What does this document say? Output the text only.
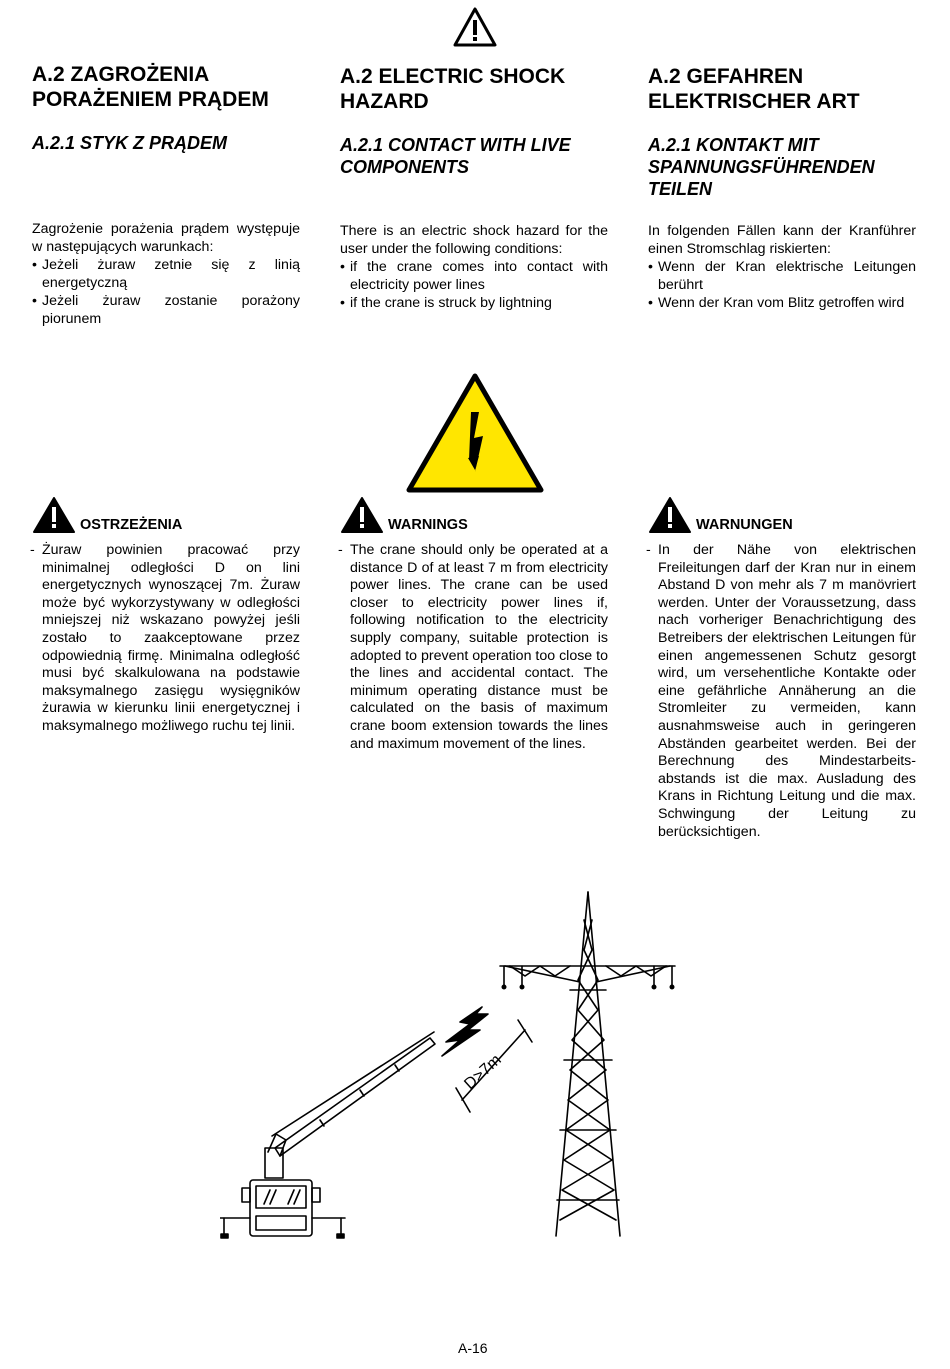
A.2 ZAGROŻENIA PORAŻENIEM PRĄDEM
A.2.1 STYK Z PRĄDEM
Zagrożenie porażenia prądem występuje w następujących warunkach:
• Jeżeli żuraw zetnie się z linią energetyczną
• Jeżeli żuraw zostanie porażony piorunem
A.2 ELECTRIC SHOCK HAZARD
A.2.1 CONTACT WITH LIVE COMPONENTS
There is an electric shock hazard for the user under the following conditions:
• if the crane comes into contact with electricity power lines
• if the crane is struck by lightning
A.2 GEFAHREN ELEKTRISCHER ART
A.2.1 KONTAKT MIT SPANNUNGSFÜHRENDEN TEILEN
In folgenden Fällen kann der Kranführer einen Stromschlag riskierten:
• Wenn der Kran elektrische Leitungen berührt
• Wenn der Kran vom Blitz getroffen wird
OSTRZEŻENIA
- Żuraw powinien pracować przy minimalnej odległości D on lini energetycznych wynoszącej 7m. Żuraw może być wykorzystywany w odległości mniejszej niż wskazano powyżej jeśli zostało to zaakceptowane przez odpowiednią firmę. Minimalna odległość musi być skalkulowana na podstawie maksymalnego zasięgu wysięgników żurawia w kierunku linii energetycznej i maksymalnego możliwego ruchu tej linii.
WARNINGS
- The crane should only be operated at a distance D of at least 7 m from electricity power lines. The crane can be used closer to electricity power lines if, following notification to the electricity supply company, suitable protection is adopted to prevent operation too close to the lines and accidental contact. The minimum operating distance must be calculated on the basis of maximum crane boom extension towards the lines and maximum movement of the lines.
WARNUNGEN
- In der Nähe von elektrischen Freileitungen darf der Kran nur in einem Abstand D von mehr als 7 m manövriert werden. Unter der Voraussetzung, dass nach vorheriger Benachrichtigung des Betreibers der elektrischen Leitungen für einen angemessenen Schutz gesorgt wird, um versehentliche Kontakte oder eine gefährliche Annäherung an die Stromleiter zu vermeiden, kann ausnahmsweise auch in geringeren Abständen gearbeitet werden. Bei der Berechnung des Mindestarbeits-abstands ist die max. Ausladung des Krans in Richtung Leitung und die max. Schwingung der Leitung zu berücksichtigen.
D>7m
A-16
